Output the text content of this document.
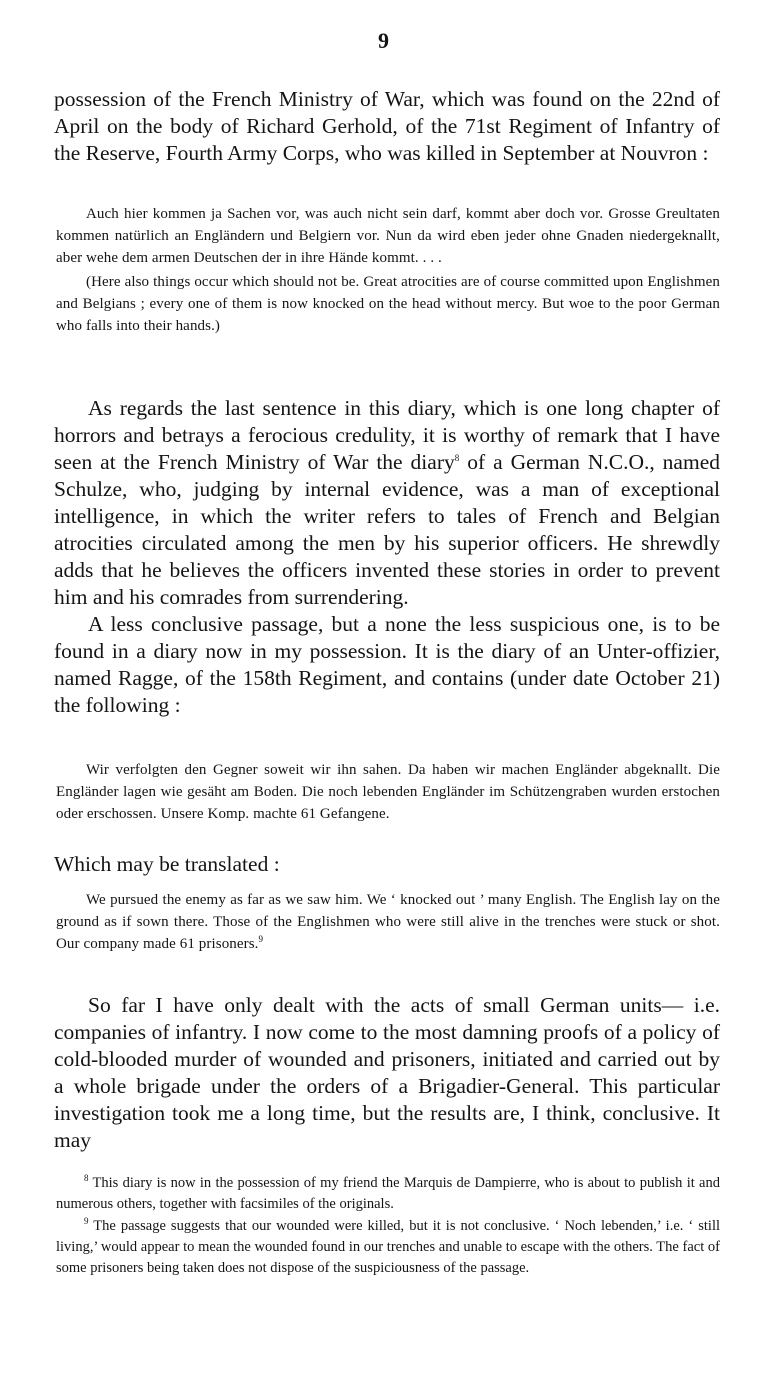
9

possession of the French Ministry of War, which was found on the 22nd of April on the body of Richard Gerhold, of the 71st Regiment of Infantry of the Reserve, Fourth Army Corps, who was killed in September at Nouvron :

Auch hier kommen ja Sachen vor, was auch nicht sein darf, kommt aber doch vor. Grosse Greultaten kommen natürlich an Engländern und Belgiern vor. Nun da wird eben jeder ohne Gnaden niedergeknallt, aber wehe dem armen Deutschen der in ihre Hände kommt. . . .

(Here also things occur which should not be. Great atrocities are of course committed upon Englishmen and Belgians ; every one of them is now knocked on the head without mercy. But woe to the poor German who falls into their hands.)

As regards the last sentence in this diary, which is one long chapter of horrors and betrays a ferocious credulity, it is worthy of remark that I have seen at the French Ministry of War the diary$^8$ of a German N.C.O., named Schulze, who, judging by internal evidence, was a man of exceptional intelligence, in which the writer refers to tales of French and Belgian atrocities circulated among the men by his superior officers. He shrewdly adds that he believes the officers invented these stories in order to prevent him and his comrades from surrendering.

A less conclusive passage, but a none the less suspicious one, is to be found in a diary now in my possession. It is the diary of an Unter-offizier, named Ragge, of the 158th Regiment, and contains (under date October 21) the following :

Wir verfolgten den Gegner soweit wir ihn sahen. Da haben wir machen Engländer abgeknallt. Die Engländer lagen wie gesäht am Boden. Die noch lebenden Engländer im Schützengraben wurden erstochen oder erschossen. Unsere Komp. machte 61 Gefangene.

Which may be translated :

We pursued the enemy as far as we saw him. We ‘ knocked out ’ many English. The English lay on the ground as if sown there. Those of the Englishmen who were still alive in the trenches were stuck or shot. Our company made 61 prisoners.$^9$

So far I have only dealt with the acts of small German units— i.e. companies of infantry. I now come to the most damning proofs of a policy of cold-blooded murder of wounded and prisoners, initiated and carried out by a whole brigade under the orders of a Brigadier-General. This particular investigation took me a long time, but the results are, I think, conclusive. It may

$^8$ This diary is now in the possession of my friend the Marquis de Dampierre, who is about to publish it and numerous others, together with facsimiles of the originals.

$^9$ The passage suggests that our wounded were killed, but it is not conclusive. ‘ Noch lebenden,’ i.e. ‘ still living,’ would appear to mean the wounded found in our trenches and unable to escape with the others. The fact of some prisoners being taken does not dispose of the suspiciousness of the passage.
